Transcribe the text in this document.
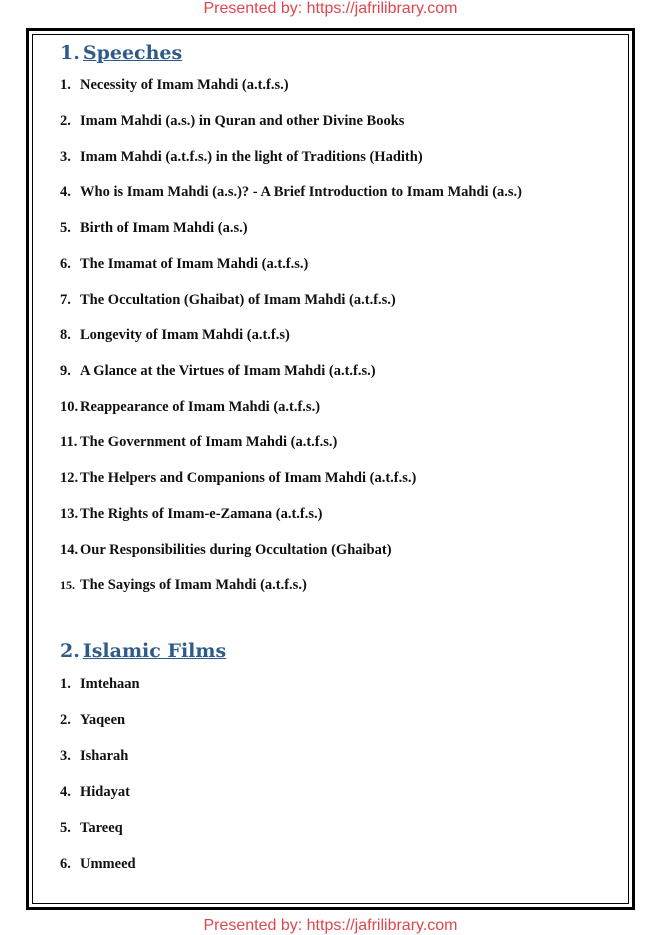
Presented by: https://jafrilibrary.com
1. Speeches
1. Necessity of Imam Mahdi (a.t.f.s.)
2. Imam Mahdi (a.s.) in Quran and other Divine Books
3. Imam Mahdi (a.t.f.s.) in the light of Traditions (Hadith)
4. Who is Imam Mahdi (a.s.)? - A Brief Introduction to Imam Mahdi (a.s.)
5. Birth of Imam Mahdi (a.s.)
6. The Imamat of Imam Mahdi (a.t.f.s.)
7. The Occultation (Ghaibat) of Imam Mahdi (a.t.f.s.)
8. Longevity of Imam Mahdi (a.t.f.s)
9. A Glance at the Virtues of Imam Mahdi (a.t.f.s.)
10. Reappearance of Imam Mahdi (a.t.f.s.)
11. The Government of Imam Mahdi (a.t.f.s.)
12. The Helpers and Companions of Imam Mahdi (a.t.f.s.)
13. The Rights of Imam-e-Zamana (a.t.f.s.)
14. Our Responsibilities during Occultation (Ghaibat)
15. The Sayings of Imam Mahdi (a.t.f.s.)
2. Islamic Films
1. Imtehaan
2. Yaqeen
3. Isharah
4. Hidayat
5. Tareeq
6. Ummeed
Presented by: https://jafrilibrary.com
